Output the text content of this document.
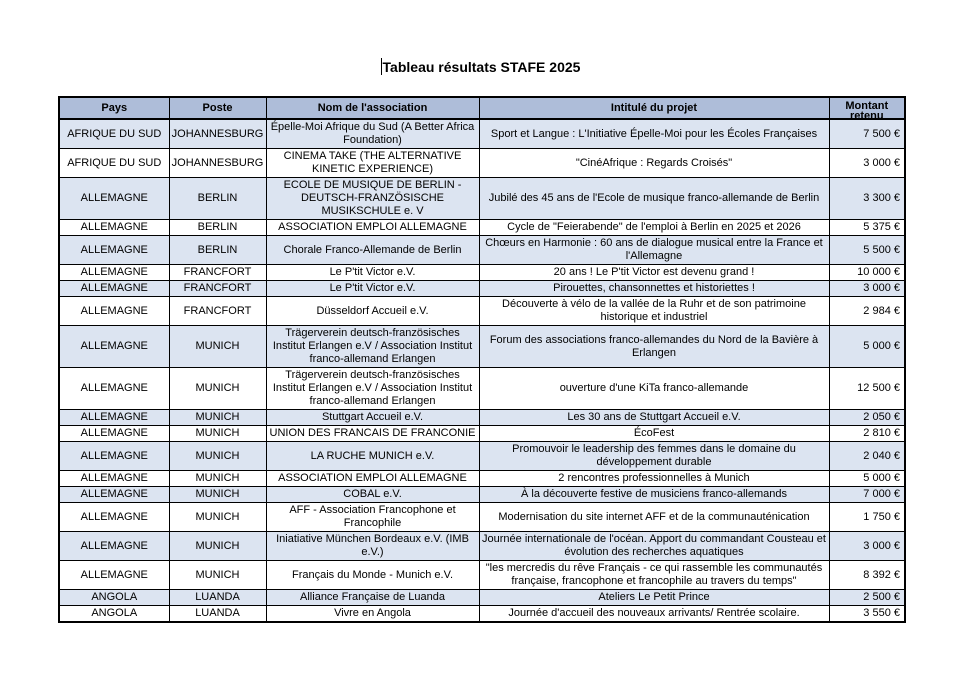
Tableau résultats STAFE 2025
Pays	Poste	Nom de l'association	Intitulé du projet	Montant retenu

AFRIQUE DU SUD	JOHANNESBURG	Épelle-Moi Afrique du Sud (A Better Africa Foundation)	Sport et Langue : L'Initiative Épelle-Moi pour les Écoles Françaises	7 500 €
AFRIQUE DU SUD	JOHANNESBURG	CINEMA TAKE (THE ALTERNATIVE KINETIC EXPERIENCE)	"CinéAfrique : Regards Croisés"	3 000 €
ALLEMAGNE	BERLIN	ECOLE DE MUSIQUE DE BERLIN - DEUTSCH-FRANZÖSISCHE MUSIKSCHULE e. V	Jubilé des 45 ans de l'Ecole de musique franco-allemande de Berlin	3 300 €
ALLEMAGNE	BERLIN	ASSOCIATION EMPLOI ALLEMAGNE	Cycle de "Feierabende" de l'emploi à Berlin en 2025 et 2026	5 375 €
ALLEMAGNE	BERLIN	Chorale Franco-Allemande de Berlin	Chœurs en Harmonie : 60 ans de dialogue musical entre la France et l'Allemagne	5 500 €
ALLEMAGNE	FRANCFORT	Le P'tit Victor e.V.	20 ans ! Le P'tit Victor est devenu grand !	10 000 €
ALLEMAGNE	FRANCFORT	Le P'tit Victor e.V.	Pirouettes, chansonnettes et historiettes !	3 000 €
ALLEMAGNE	FRANCFORT	Düsseldorf Accueil e.V.	Découverte à vélo de la vallée de la Ruhr et de son patrimoine historique et industriel	2 984 €
ALLEMAGNE	MUNICH	Trägerverein deutsch-französisches Institut Erlangen e.V / Association Institut franco-allemand Erlangen	Forum des associations franco-allemandes du Nord de la Bavière à Erlangen	5 000 €
ALLEMAGNE	MUNICH	Trägerverein deutsch-französisches Institut Erlangen e.V / Association Institut franco-allemand Erlangen	ouverture d'une KiTa franco-allemande	12 500 €
ALLEMAGNE	MUNICH	Stuttgart Accueil e.V.	Les 30 ans de Stuttgart Accueil e.V.	2 050 €
ALLEMAGNE	MUNICH	UNION DES FRANCAIS DE FRANCONIE	ÉcoFest	2 810 €
ALLEMAGNE	MUNICH	LA RUCHE MUNICH e.V.	Promouvoir le leadership des femmes dans le domaine du développement durable	2 040 €
ALLEMAGNE	MUNICH	ASSOCIATION EMPLOI ALLEMAGNE	2 rencontres professionnelles à Munich	5 000 €
ALLEMAGNE	MUNICH	COBAL e.V.	À la découverte festive de musiciens franco-allemands	7 000 €
ALLEMAGNE	MUNICH	AFF - Association Francophone et Francophile	Modernisation du site internet AFF et de la communauténication	1 750 €
ALLEMAGNE	MUNICH	Iniatiative München Bordeaux e.V. (IMB e.V.)	Journée internationale de l'océan. Apport du commandant Cousteau et évolution des recherches aquatiques	3 000 €
ALLEMAGNE	MUNICH	Français du Monde - Munich e.V.	"les mercredis du rêve Français - ce qui rassemble les communautés française, francophone et francophile au travers du temps"	8 392 €
ANGOLA	LUANDA	Alliance Française de Luanda	Ateliers Le Petit Prince	2 500 €
ANGOLA	LUANDA	Vivre en Angola	Journée d'accueil des nouveaux arrivants/ Rentrée scolaire.	3 550 €
